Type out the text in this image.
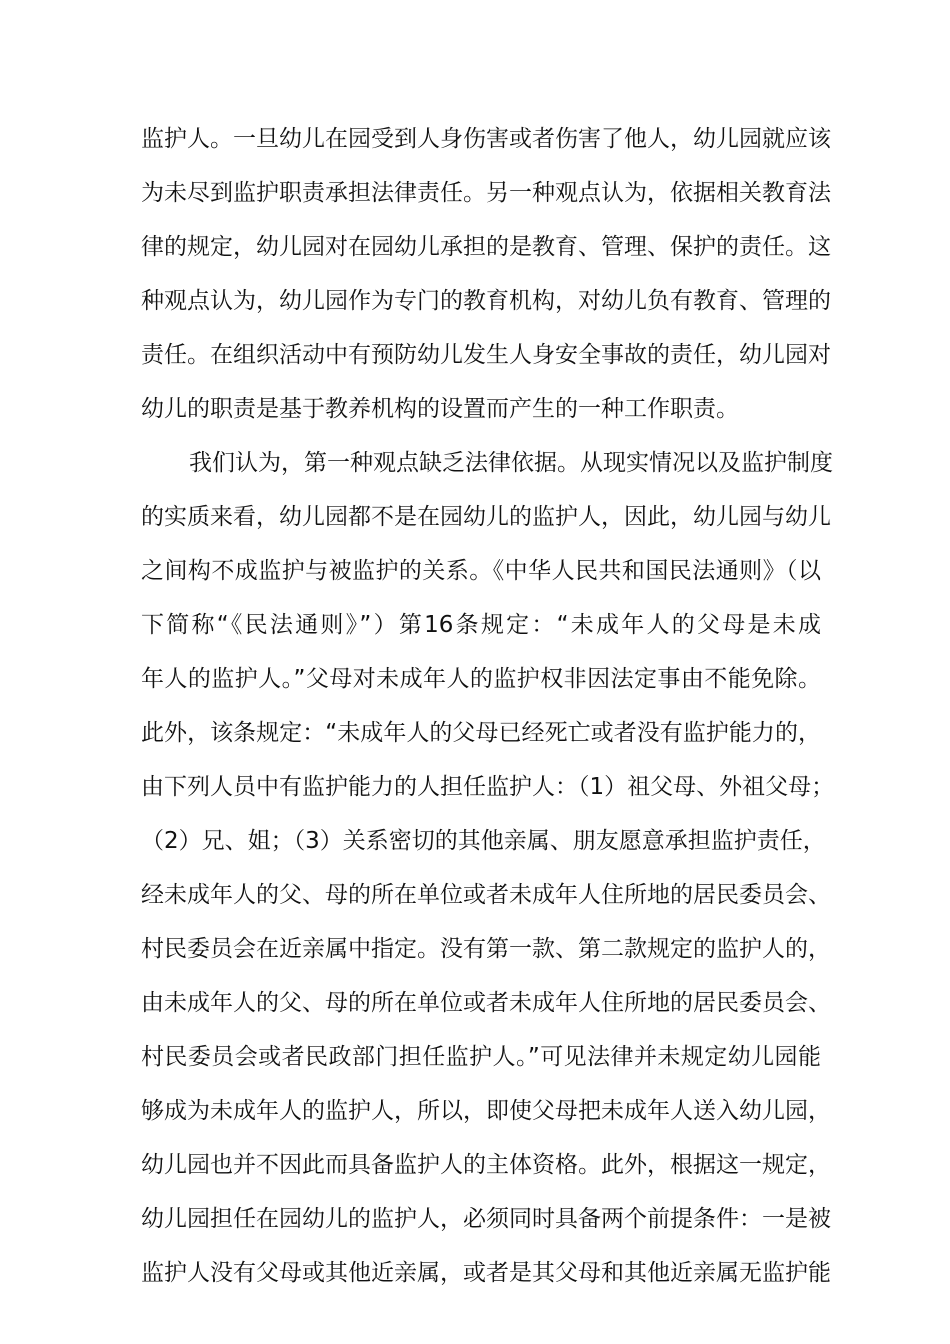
监护人。一旦幼儿在园受到人身伤害或者伤害了他人，幼儿园就应该
为未尽到监护职责承担法律责任。另一种观点认为，依据相关教育法
律的规定，幼儿园对在园幼儿承担的是教育、管理、保护的责任。这
种观点认为，幼儿园作为专门的教育机构，对幼儿负有教育、管理的
责任。在组织活动中有预防幼儿发生人身安全事故的责任，幼儿园对
幼儿的职责是基于教养机构的设置而产生的一种工作职责。
我们认为，第一种观点缺乏法律依据。从现实情况以及监护制度
的实质来看，幼儿园都不是在园幼儿的监护人，因此，幼儿园与幼儿
之间构不成监护与被监护的关系。《中华人民共和国民法通则》（以
下简称“《民法通则》”）第16条规定：“未成年人的父母是未成
年人的监护人。”父母对未成年人的监护权非因法定事由不能免除。
此外，该条规定：“未成年人的父母已经死亡或者没有监护能力的，
由下列人员中有监护能力的人担任监护人：（1）祖父母、外祖父母；
（2）兄、姐；（3）关系密切的其他亲属、朋友愿意承担监护责任，
经未成年人的父、母的所在单位或者未成年人住所地的居民委员会、
村民委员会在近亲属中指定。没有第一款、第二款规定的监护人的，
由未成年人的父、母的所在单位或者未成年人住所地的居民委员会、
村民委员会或者民政部门担任监护人。”可见法律并未规定幼儿园能
够成为未成年人的监护人，所以，即使父母把未成年人送入幼儿园，
幼儿园也并不因此而具备监护人的主体资格。此外，根据这一规定，
幼儿园担任在园幼儿的监护人，必须同时具备两个前提条件：一是被
监护人没有父母或其他近亲属，或者是其父母和其他近亲属无监护能
